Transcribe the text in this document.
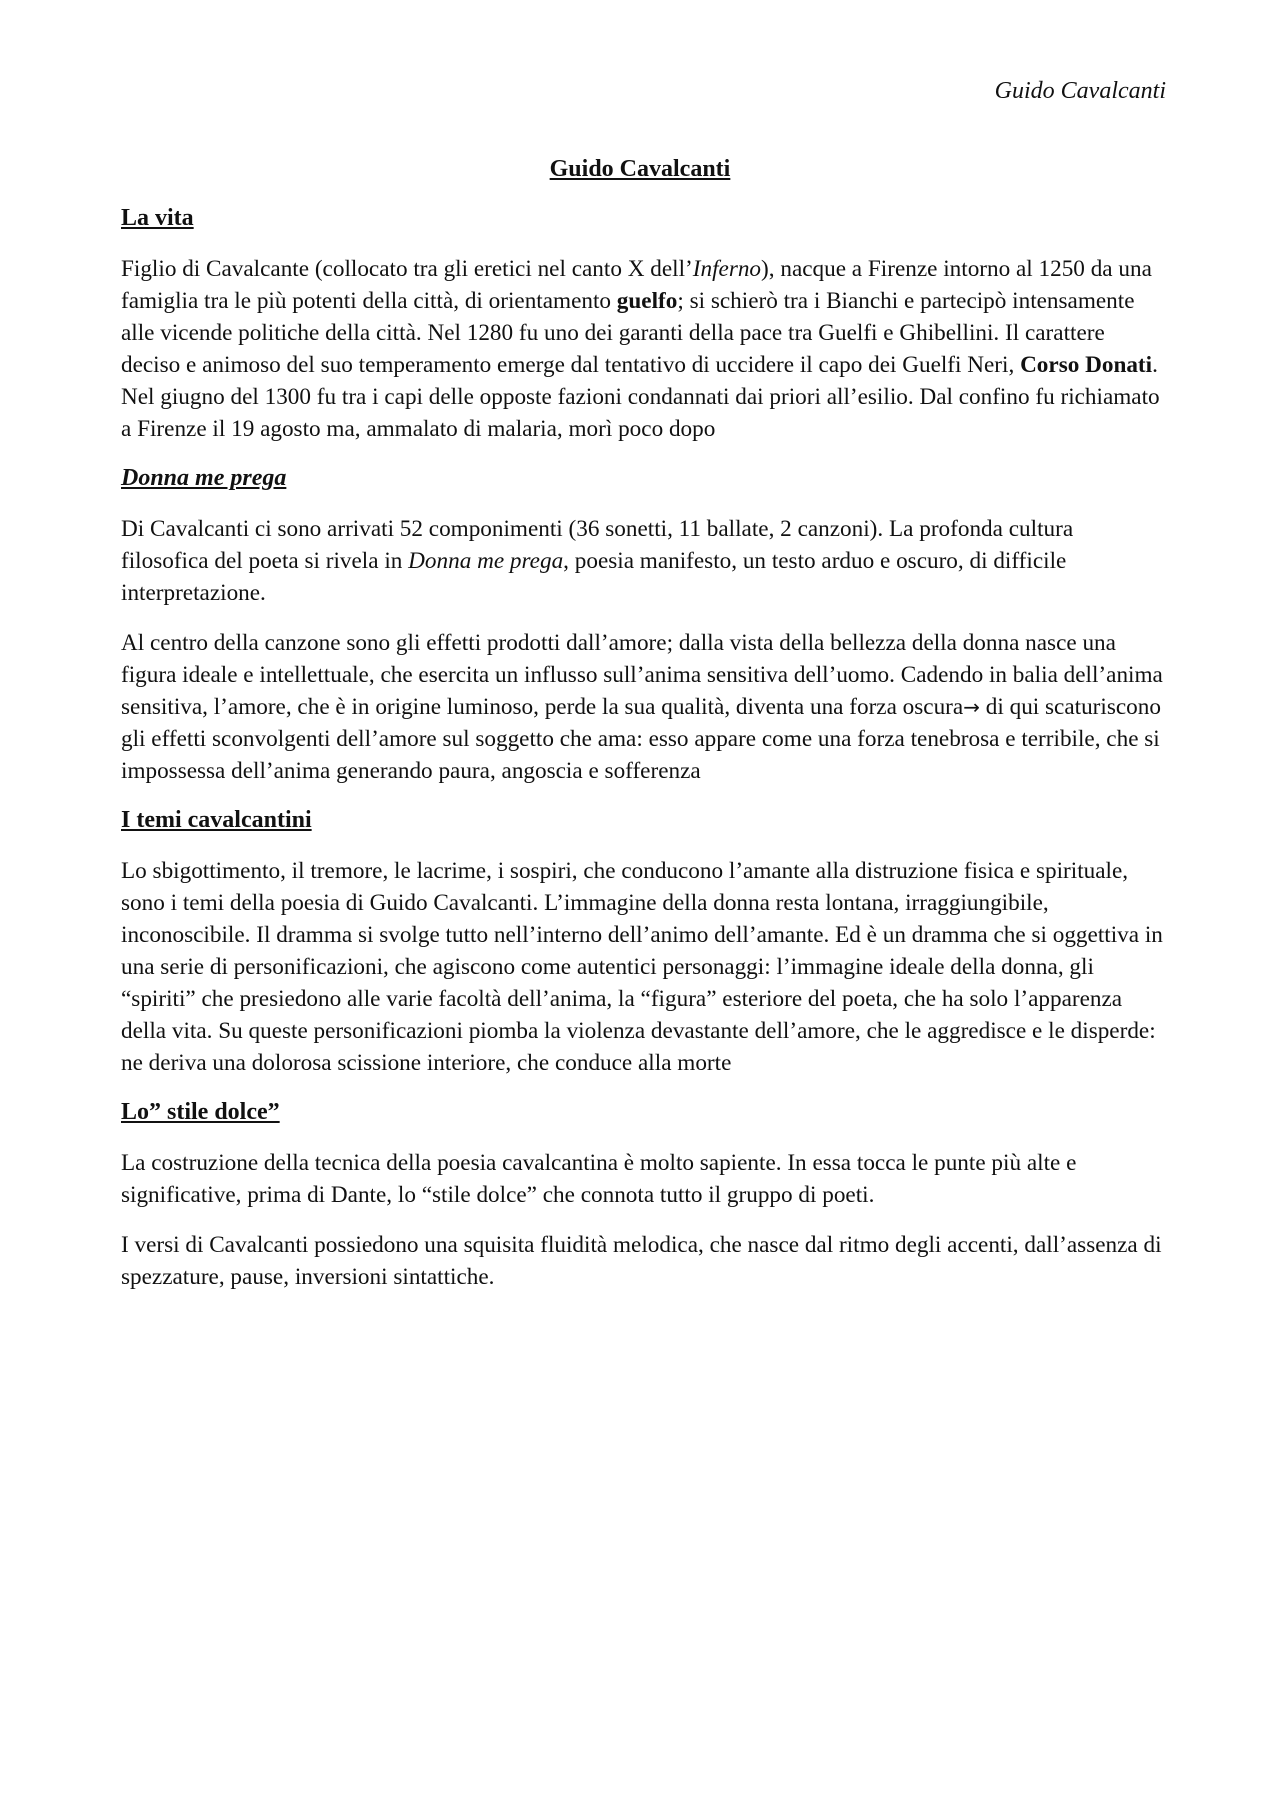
Guido Cavalcanti
Guido Cavalcanti
La vita

Figlio di Cavalcante (collocato tra gli eretici nel canto X dell’Inferno), nacque a Firenze intorno al 1250 da una famiglia tra le più potenti della città, di orientamento guelfo; si schierò tra i Bianchi e partecipò intensamente alle vicende politiche della città. Nel 1280 fu uno dei garanti della pace tra Guelfi e Ghibellini. Il carattere deciso e animoso del suo temperamento emerge dal tentativo di uccidere il capo dei Guelfi Neri, Corso Donati. Nel giugno del 1300 fu tra i capi delle opposte fazioni condannati dai priori all’esilio. Dal confino fu richiamato a Firenze il 19 agosto ma, ammalato di malaria, morì poco dopo

Donna me prega

Di Cavalcanti ci sono arrivati 52 componimenti (36 sonetti, 11 ballate, 2 canzoni). La profonda cultura filosofica del poeta si rivela in Donna me prega, poesia manifesto, un testo arduo e oscuro, di difficile interpretazione.

Al centro della canzone sono gli effetti prodotti dall’amore; dalla vista della bellezza della donna nasce una figura ideale e intellettuale, che esercita un influsso sull’anima sensitiva dell’uomo. Cadendo in balia dell’anima sensitiva, l’amore, che è in origine luminoso, perde la sua qualità, diventa una forza oscura→ di qui scaturiscono gli effetti sconvolgenti dell’amore sul soggetto che ama: esso appare come una forza tenebrosa e terribile, che si impossessa dell’anima generando paura, angoscia e sofferenza

I temi cavalcantini

Lo sbigottimento, il tremore, le lacrime, i sospiri, che conducono l’amante alla distruzione fisica e spirituale, sono i temi della poesia di Guido Cavalcanti. L’immagine della donna resta lontana, irraggiungibile, inconoscibile. Il dramma si svolge tutto nell’interno dell’animo dell’amante. Ed è un dramma che si oggettiva in una serie di personificazioni, che agiscono come autentici personaggi: l’immagine ideale della donna, gli “spiriti” che presiedono alle varie facoltà dell’anima, la “figura” esteriore del poeta, che ha solo l’apparenza della vita. Su queste personificazioni piomba la violenza devastante dell’amore, che le aggredisce e le disperde: ne deriva una dolorosa scissione interiore, che conduce alla morte

Lo” stile dolce”

La costruzione della tecnica della poesia cavalcantina è molto sapiente. In essa tocca le punte più alte e significative, prima di Dante, lo “stile dolce” che connota tutto il gruppo di poeti.

I versi di Cavalcanti possiedono una squisita fluidità melodica, che nasce dal ritmo degli accenti, dall’assenza di spezzature, pause, inversioni sintattiche.
